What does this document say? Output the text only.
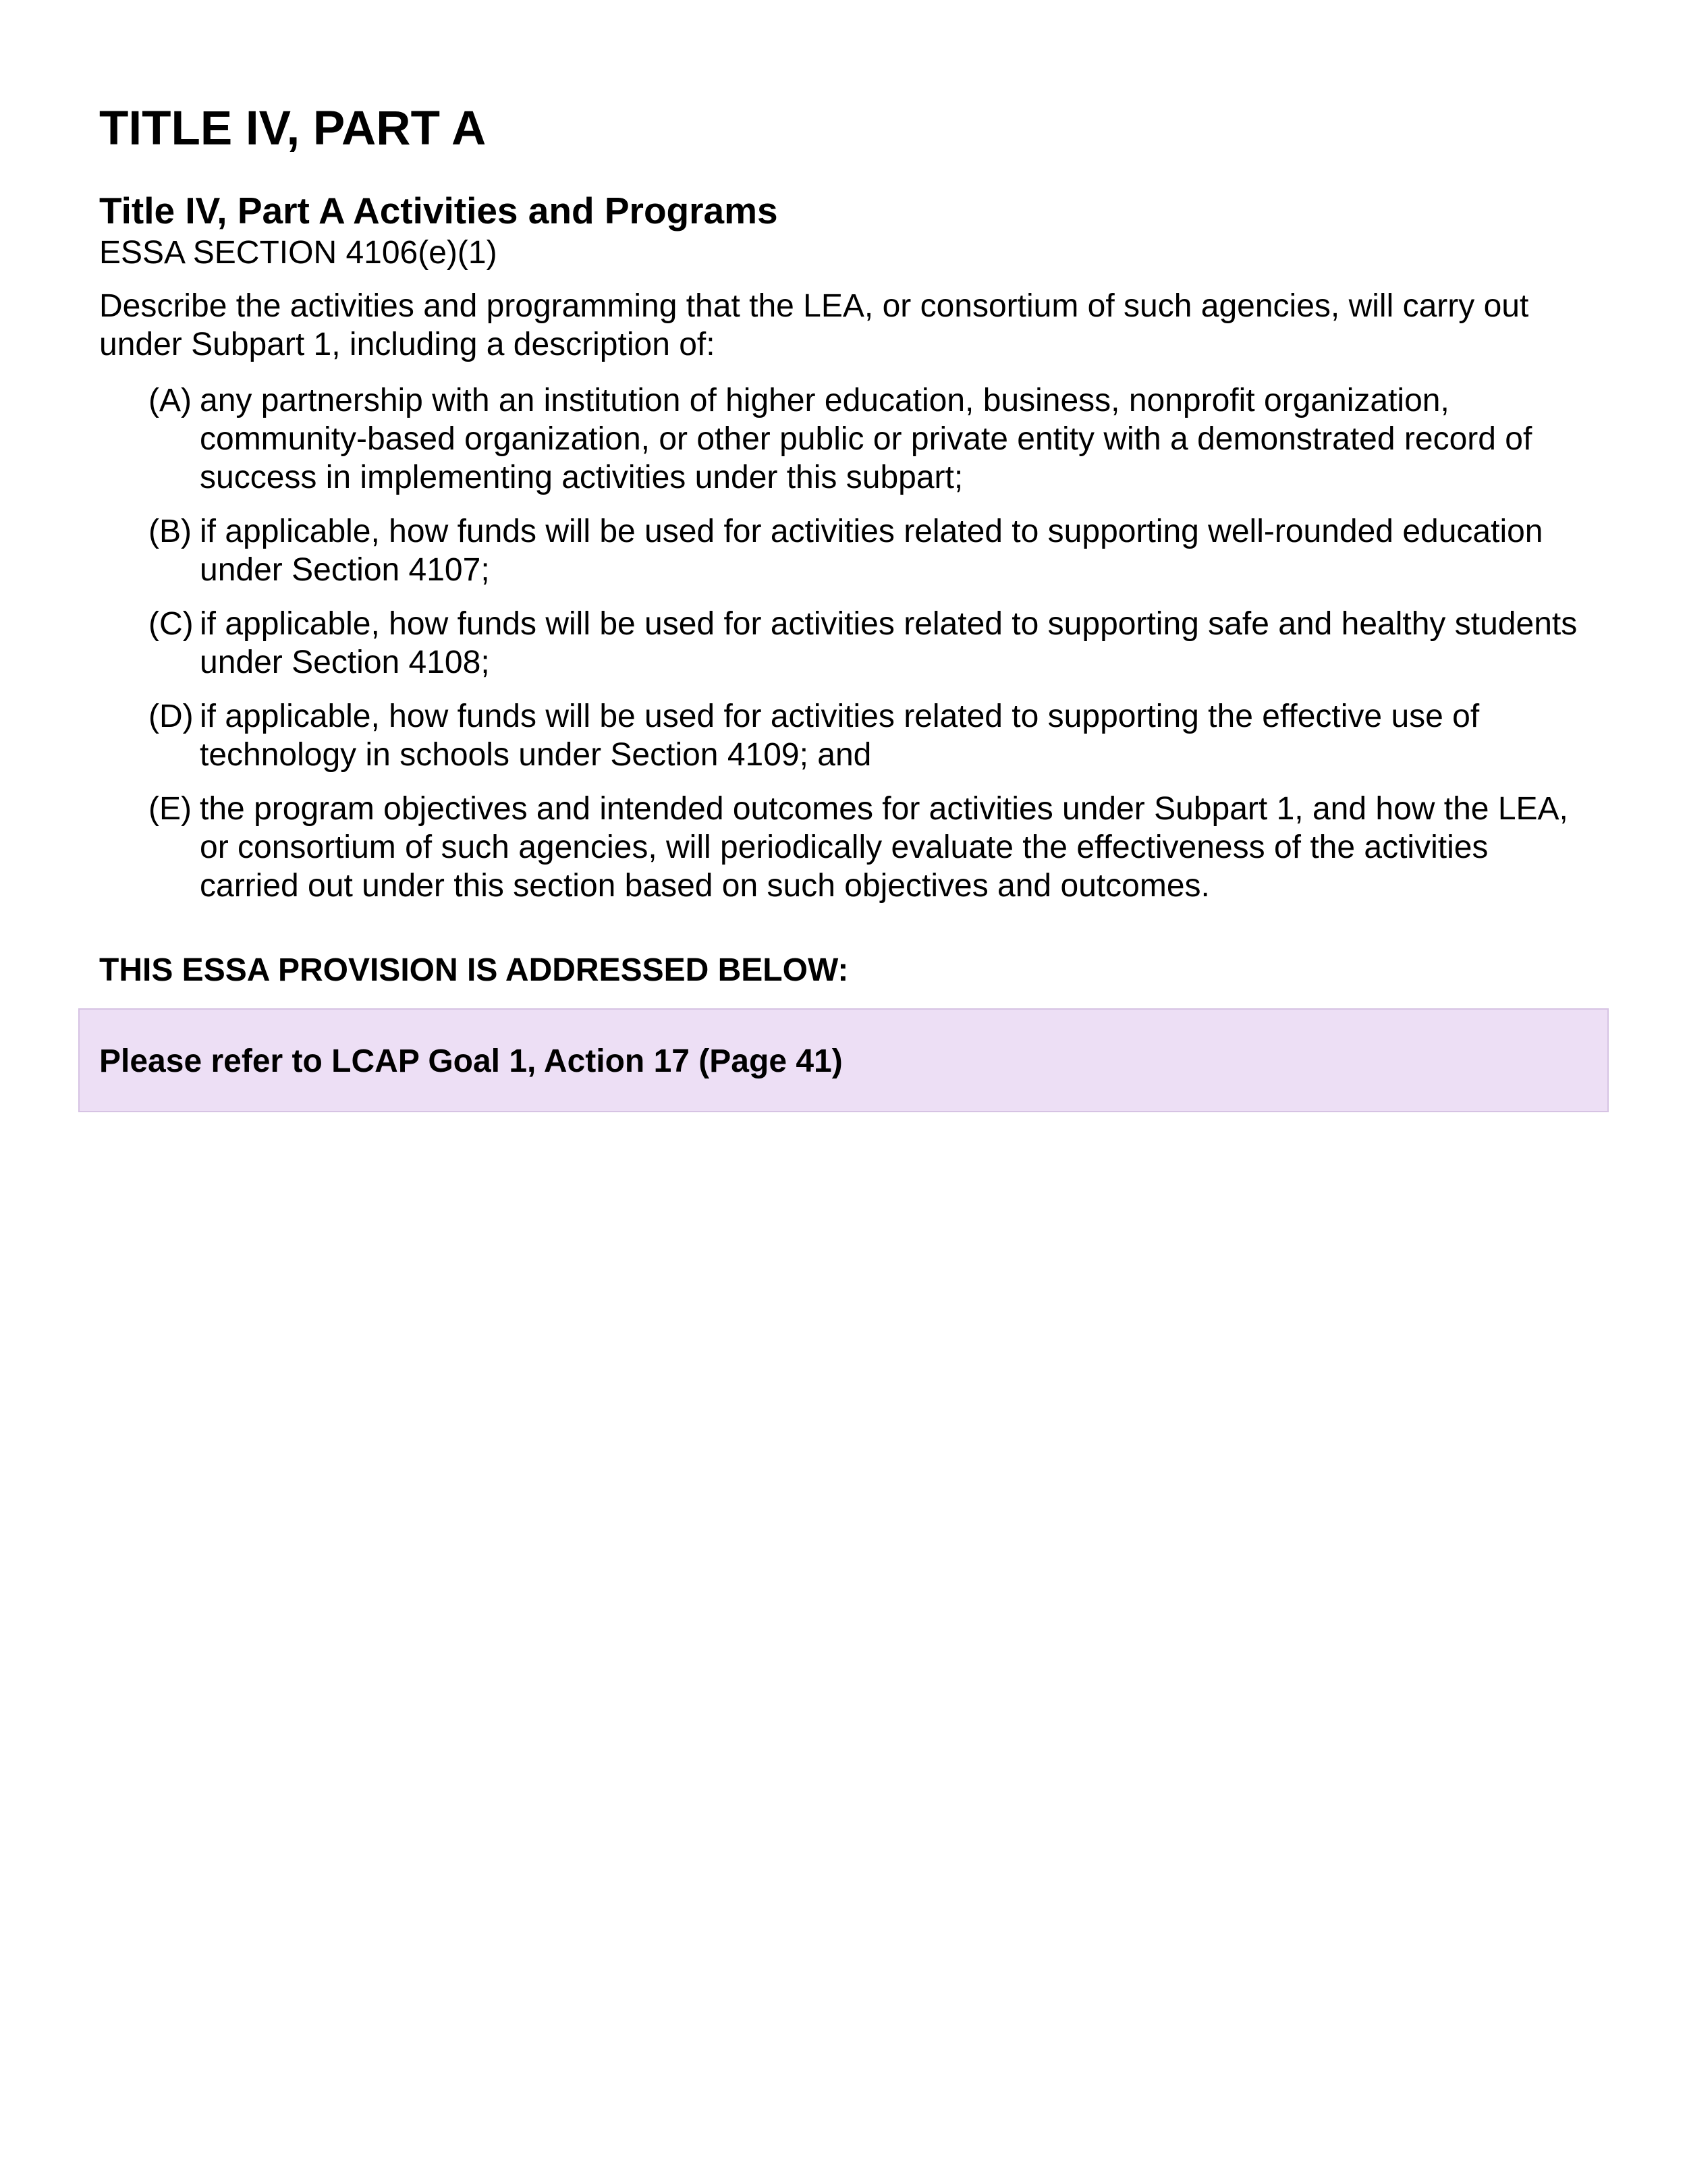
TITLE IV, PART A
Title IV, Part A Activities and Programs

ESSA SECTION 4106(e)(1)

Describe the activities and programming that the LEA, or consortium of such agencies, will carry out under Subpart 1, including a description of:

(A) any partnership with an institution of higher education, business, nonprofit organization, community-based organization, or other public or private entity with a demonstrated record of success in implementing activities under this subpart;
(B) if applicable, how funds will be used for activities related to supporting well-rounded education under Section 4107;
(C) if applicable, how funds will be used for activities related to supporting safe and healthy students under Section 4108;
(D) if applicable, how funds will be used for activities related to supporting the effective use of technology in schools under Section 4109; and
(E) the program objectives and intended outcomes for activities under Subpart 1, and how the LEA, or consortium of such agencies, will periodically evaluate the effectiveness of the activities carried out under this section based on such objectives and outcomes.

THIS ESSA PROVISION IS ADDRESSED BELOW:

Please refer to LCAP Goal 1, Action 17 (Page 41)
